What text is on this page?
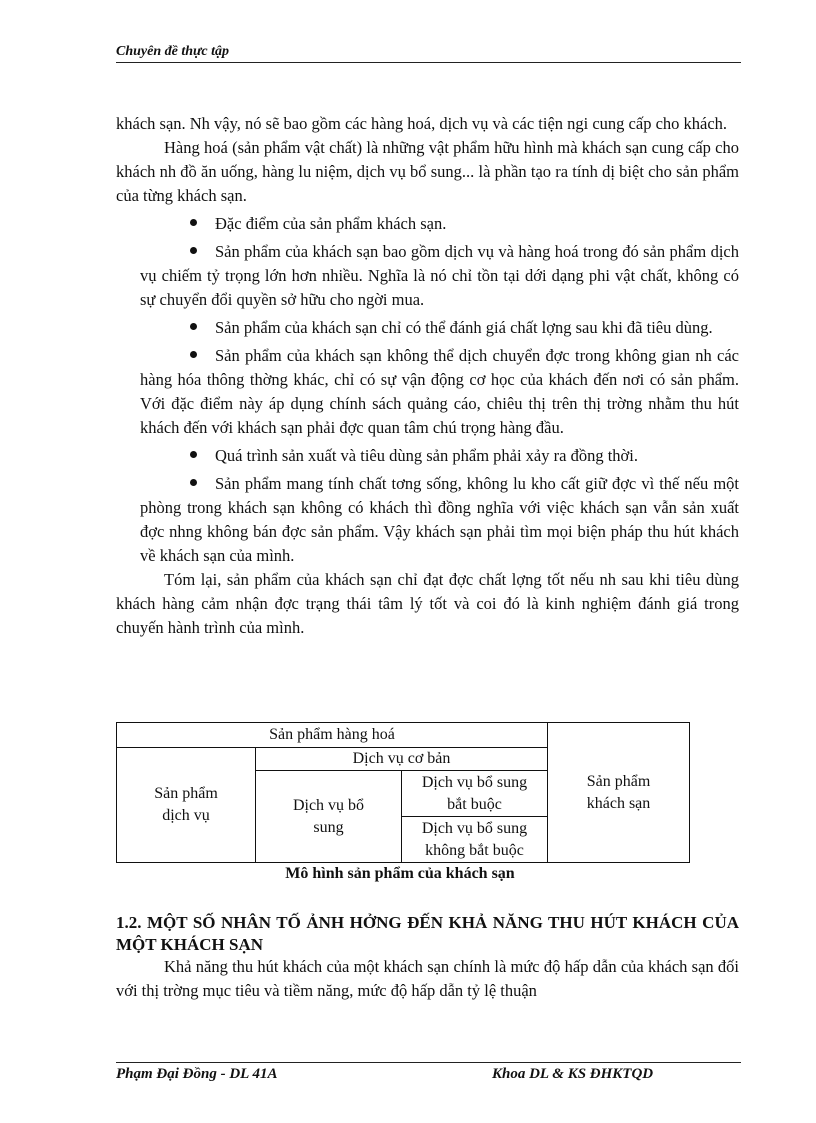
Chuyên đề thực tập

khách sạn. Nh vậy, nó sẽ bao gồm các hàng hoá, dịch vụ và các tiện ngi cung cấp cho khách.

Hàng hoá (sản phẩm vật chất) là những vật phẩm hữu hình mà khách sạn cung cấp cho khách nh đồ ăn uống, hàng lu niệm, dịch vụ bổ sung... là phần tạo ra tính dị biệt cho sản phẩm của từng khách sạn.

Đặc điểm của sản phẩm khách sạn.

Sản phẩm của khách sạn bao gồm dịch vụ và hàng hoá trong đó sản phẩm dịch vụ chiếm tỷ trọng lớn hơn nhiều. Nghĩa là nó chỉ tồn tại dới dạng phi vật chất, không có sự chuyển đổi quyền sở hữu cho ngời mua.

Sản phẩm của khách sạn chỉ có thể đánh giá chất lợng sau khi đã tiêu dùng.

Sản phẩm của khách sạn không thể dịch chuyển đợc trong không gian nh các hàng hóa thông thờng khác, chỉ có sự vận động cơ học của khách đến nơi có sản phẩm. Với đặc điểm này áp dụng chính sách quảng cáo, chiêu thị trên thị trờng nhằm thu hút khách đến với khách sạn phải đợc quan tâm chú trọng hàng đầu.

Quá trình sản xuất và tiêu dùng sản phẩm phải xảy ra đồng thời.

Sản phẩm mang tính chất tơng sống, không lu kho cất giữ đợc vì thế nếu một phòng trong khách sạn không có khách thì đồng nghĩa với việc khách sạn vẫn sản xuất đợc nhng không bán đợc sản phẩm. Vậy khách sạn phải tìm mọi biện pháp thu hút khách về khách sạn của mình.

Tóm lại, sản phẩm của khách sạn chỉ đạt đợc chất lợng tốt nếu nh sau khi tiêu dùng khách hàng cảm nhận đợc trạng thái tâm lý tốt và coi đó là kinh nghiệm đánh giá trong chuyến hành trình của mình.

Sản phẩm hàng hoá
Sản phẩm khách sạn
Sản phẩm dịch vụ
Dịch vụ cơ bản
Dịch vụ bổ sung
Dịch vụ bổ sung bắt buộc
Dịch vụ bổ sung không bắt buộc
Mô hình sản phẩm của khách sạn
1.2. MỘT SỐ NHÂN TỐ ẢNH HỞNG ĐẾN KHẢ NĂNG THU HÚT KHÁCH CỦA MỘT KHÁCH SẠN

Khả năng thu hút khách của một khách sạn chính là mức độ hấp dẫn của khách sạn đối với thị trờng mục tiêu và tiềm năng, mức độ hấp dẫn tỷ lệ thuận

Phạm Đại Đồng - DL 41A	Khoa DL & KS ĐHKTQD
